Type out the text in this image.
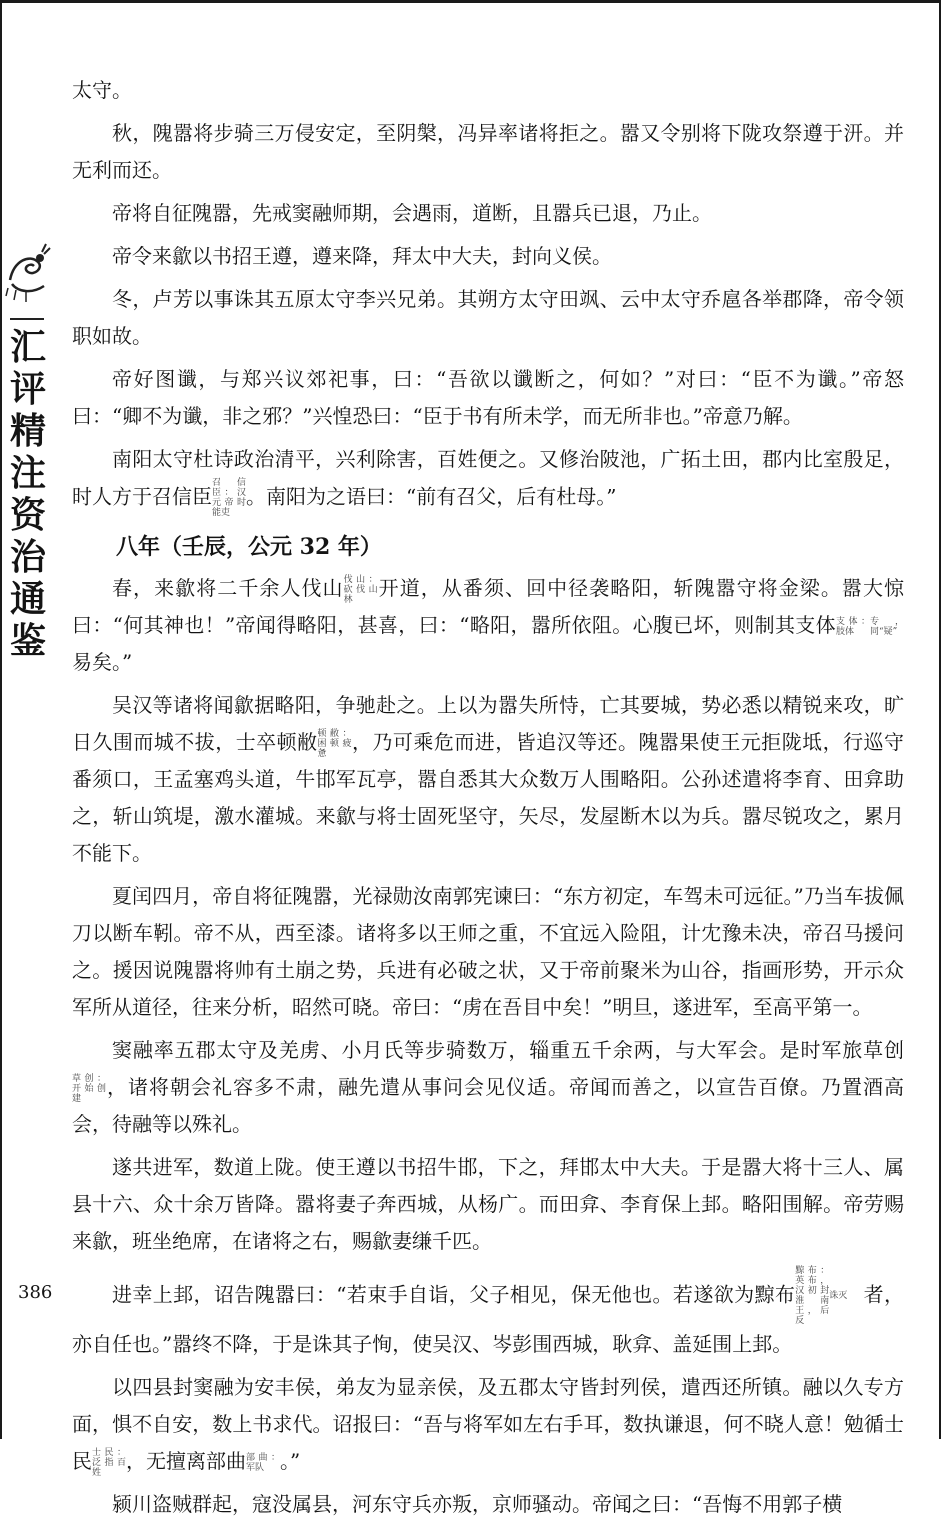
汇评精注资治通鉴
386

太守。

秋，隗嚣将步骑三万侵安定，至阴槃，冯异率诸将拒之。嚣又令别将下陇攻祭遵于汧。并无利而还。

帝将自征隗嚣，先戒窦融师期，会遇雨，道断，且嚣兵已退，乃止。

帝令来歙以书招王遵，遵来降，拜太中大夫，封向义侯。

冬，卢芳以事诛其五原太守李兴兄弟。其朔方太守田飒、云中太守乔扈各举郡降，帝令领职如故。

帝好图谶，与郑兴议郊祀事，曰：“吾欲以谶断之，何如？”对曰：“臣不为谶。”帝怒曰：“卿不为谶，非之邪？”兴惶恐曰：“臣于书有所未学，而无所非也。”帝意乃解。

南阳太守杜诗政治清平，兴利除害，百姓便之。又修治陂池，广拓土田，郡内比室殷足，时人方于召信臣召信臣：汉元帝时能吏。南阳为之语曰：“前有召父，后有杜母。”

八年（壬辰，公元 32 年）

春，来歙将二千余人伐山伐山：砍伐山林 开道，从番须、回中径袭略阳，斩隗嚣守将金梁。嚣大惊曰：“何其神也！”帝闻得略阳，甚喜，曰：“略阳，嚣所依阻。心腹已坏，则制其支体支体：肢体专，同“疑”易矣。”

吴汉等诸将闻歙据略阳，争驰赴之。上以为嚣失所恃，亡其要城，势必悉以精锐来攻，旷日久围而城不拔，士卒顿敝顿敝：困顿疲惫 ，乃可乘危而进，皆追汉等还。隗嚣果使王元拒陇坻，行巡守番须口，王孟塞鸡头道，牛邯军瓦亭，嚣自悉其大众数万人围略阳。公孙述遣将李育、田弇助之，斩山筑堤，激水灌城。来歙与将士固死坚守，矢尽，发屋断木以为兵。嚣尽锐攻之，累月不能下。

夏闰四月，帝自将征隗嚣，光禄勋汝南郭宪谏曰：“东方初定，车驾未可远征。”乃当车拔佩刀以断车靷。帝不从，西至漆。诸将多以王师之重，不宜远入险阻，计冘豫未决，帝召马援问之。援因说隗嚣将帅有土崩之势，兵进有必破之状，又于帝前聚米为山谷，指画形势，开示众军所从道径，往来分析，昭然可晓。帝曰：“虏在吾目中矣！”明旦，遂进军，至高平第一。

窦融率五郡太守及羌虏、小月氏等步骑数万，辎重五千余两，与大军会。是时军旅草创草创：开始创建 ，诸将朝会礼容多不肃，融先遣从事问会见仪适。帝闻而善之，以宣告百僚。乃置酒高会，待融等以殊礼。

遂共进军，数道上陇。使王遵以书招牛邯，下之，拜邯太中大夫。于是嚣大将十三人、属县十六、众十余万皆降。嚣将妻子奔西城，从杨广。而田弇、李育保上邽。略阳围解。帝劳赐来歙，班坐绝席，在诸将之右，赐歙妻缣千匹。

进幸上邽，诏告隗嚣曰：“若束手自诣，父子相见，保无他也。若遂欲为黥布黥布：英布，汉初封淮南王，后反诛灭 者，亦自任也。”嚣终不降，于是诛其子恂，使吴汉、岑彭围西城，耿弇、盖延围上邽。

以四县封窦融为安丰侯，弟友为显亲侯，及五郡太守皆封列侯，遣西还所镇。融以久专方面，惧不自安，数上书求代。诏报曰：“吾与将军如左右手耳，数执谦退，何不晓人意！勉循士民士民：泛指百姓 ，无擅离部曲部曲：军队 。”

颍川盗贼群起，寇没属县，河东守兵亦叛，京师骚动。帝闻之曰：“吾悔不用郭子横
